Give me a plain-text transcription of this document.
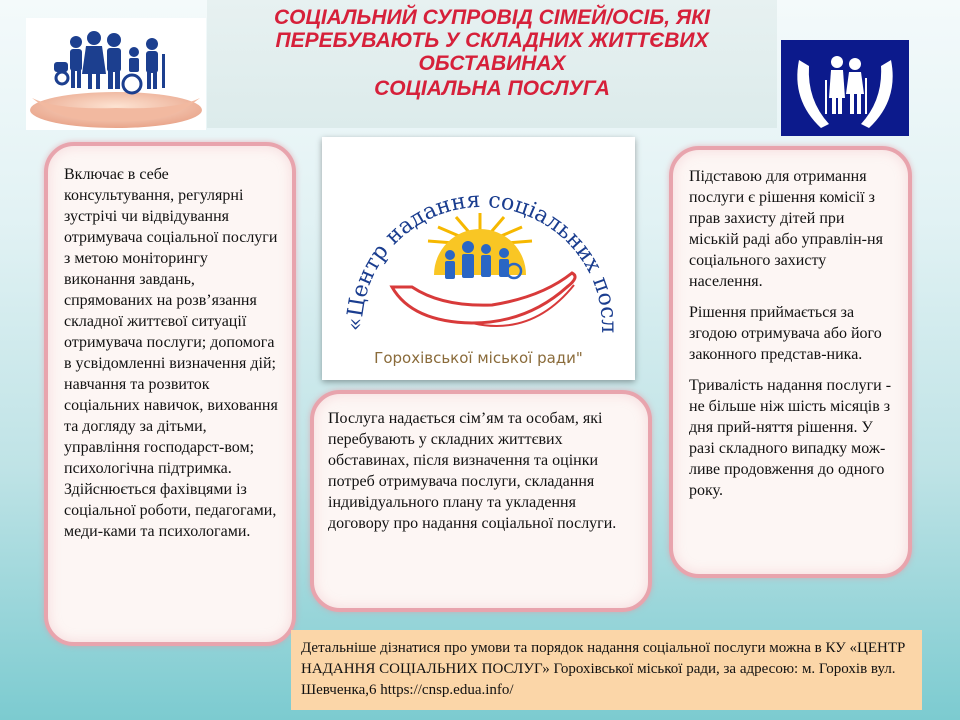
СОЦІАЛЬНИЙ СУПРОВІД СІМЕЙ/ОСІБ, ЯКІ
ПЕРЕБУВАЮТЬ У СКЛАДНИХ ЖИТТЄВИХ
ОБСТАВИНАХ
СОЦІАЛЬНА ПОСЛУГА
Включає в себе консультування, регулярні зустрічі чи відвідування отримувача соціальної послуги з метою моніторингу виконання завдань, спрямованих на розв’язання складної життєвої ситуації отримувача послуги; допомога в усвідомленні визначення дій; навчання та розвиток соціальних навичок, виховання та догляду за дітьми, управління господарст-вом; психологічна підтримка. Здійснюється фахівцями із соціальної роботи, педагогами, меди-ками та психологами.
«Центр надання соціальних посл
Горохівської міської ради"
Послуга надається сім’ям та особам, які перебувають у складних життєвих обставинах, після визначення та оцінки потреб отримувача послуги, складання індивідуального плану та укладення договору про надання соціальної послуги.

Підставою для отримання послуги є рішення комісії з прав захисту дітей при міській раді або управлін-ня соціального захисту населення.

Рішення приймається за згодою отримувача або його законного представ-ника.

Тривалість надання послуги - не більше ніж шість місяців з дня прий-няття рішення. У разі складного випадку мож-ливе продовження до одного року.

Детальніше дізнатися про умови та порядок надання соціальної послуги можна в КУ «ЦЕНТР НАДАННЯ СОЦІАЛЬНИХ ПОСЛУГ» Горохівської міської ради, за адресою: м. Горохів вул. Шевченка,6 https://cnsp.edua.info/
